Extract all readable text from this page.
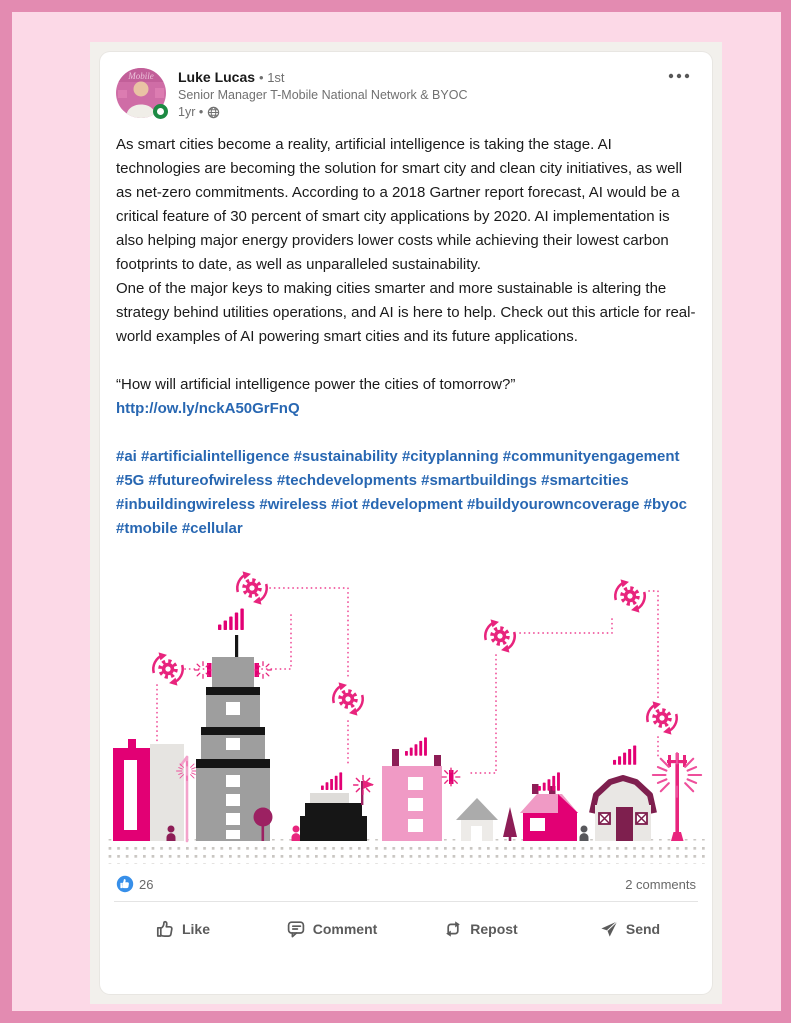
Mobile Luke Lucas • 1st
Senior Manager T-Mobile National Network & BYOC
1yr •

As smart cities become a reality, artificial intelligence is taking the stage. AI technologies are becoming the solution for smart city and clean city initiatives, as well as net-zero commitments. According to a 2018 Gartner report forecast, AI would be a critical feature of 30 percent of smart city applications by 2020. AI implementation is also helping major energy providers lower costs while achieving their lowest carbon footprints to date, as well as unparalleled sustainability.

One of the major keys to making cities smarter and more sustainable is altering the strategy behind utilities operations, and AI is here to help. Check out this article for real-world examples of AI powering smart cities and its future applications.

“How will artificial intelligence power the cities of tomorrow?”

http://ow.ly/nckA50GrFnQ

#ai #artificialintelligence #sustainability #cityplanning #communityengagement #5G #futureofwireless #techdevelopments #smartbuildings #smartcities #inbuildingwireless #wireless #iot #development #buildyourowncoverage #byoc #tmobile #cellular

26	2 comments
Like	Comment	Repost	Send
